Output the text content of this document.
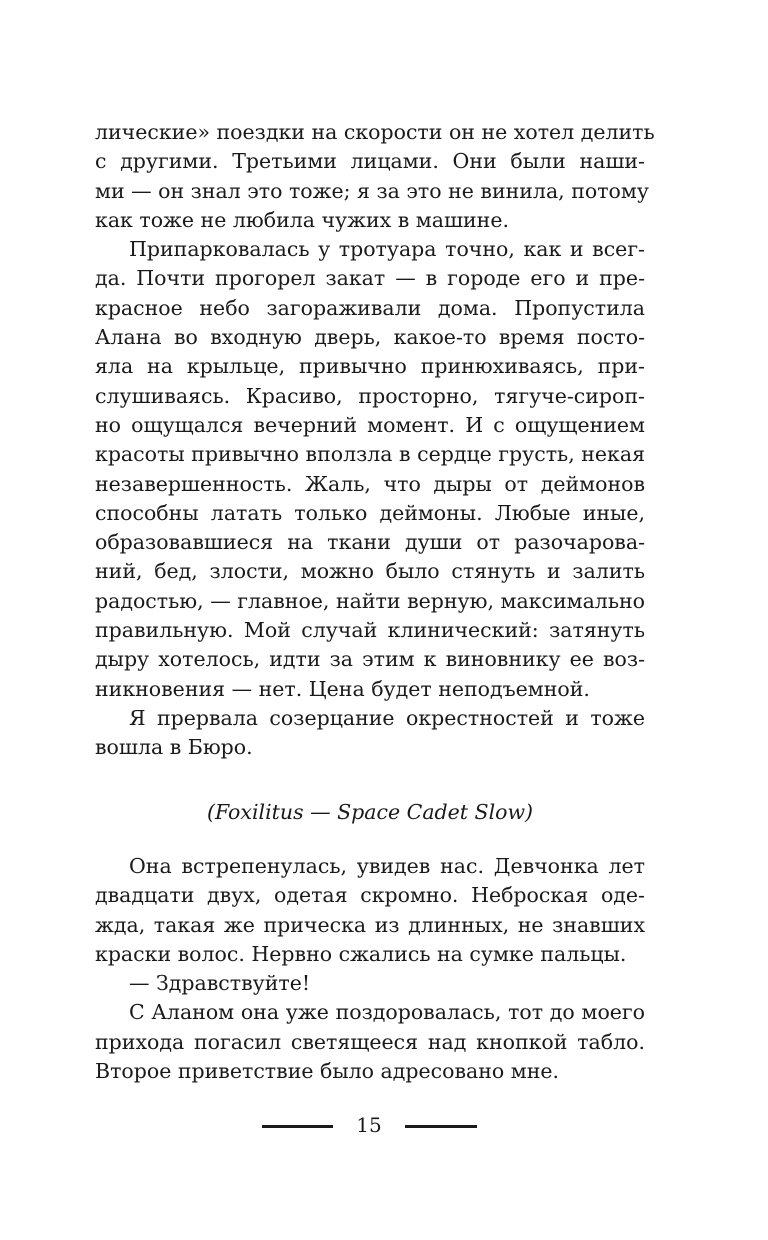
лические» поездки на скорости он не хотел делить
с другими. Третьими лицами. Они были наши-
ми — он знал это тоже; я за это не винила, потому
как тоже не любила чужих в машине.
Припарковалась у тротуара точно, как и всег-
да. Почти прогорел закат — в городе его и пре-
красное небо загораживали дома. Пропустила
Алана во входную дверь, какое-то время посто-
яла на крыльце, привычно принюхиваясь, при-
слушиваясь. Красиво, просторно, тягуче-сироп-
но ощущался вечерний момент. И с ощущением
красоты привычно вползла в сердце грусть, некая
незавершенность. Жаль, что дыры от деймонов
способны латать только деймоны. Любые иные,
образовавшиеся на ткани души от разочарова-
ний, бед, злости, можно было стянуть и залить
радостью, — главное, найти верную, максимально
правильную. Мой случай клинический: затянуть
дыру хотелось, идти за этим к виновнику ее воз-
никновения — нет. Цена будет неподъемной.
Я прервала созерцание окрестностей и тоже
вошла в Бюро.
(Foxilitus — Space Cadet Slow)
Она встрепенулась, увидев нас. Девчонка лет
двадцати двух, одетая скромно. Неброская оде-
жда, такая же прическа из длинных, не знавших
краски волос. Нервно сжались на сумке пальцы.
— Здравствуйте!
С Аланом она уже поздоровалась, тот до моего
прихода погасил светящееся над кнопкой табло.
Второе приветствие было адресовано мне.
15
